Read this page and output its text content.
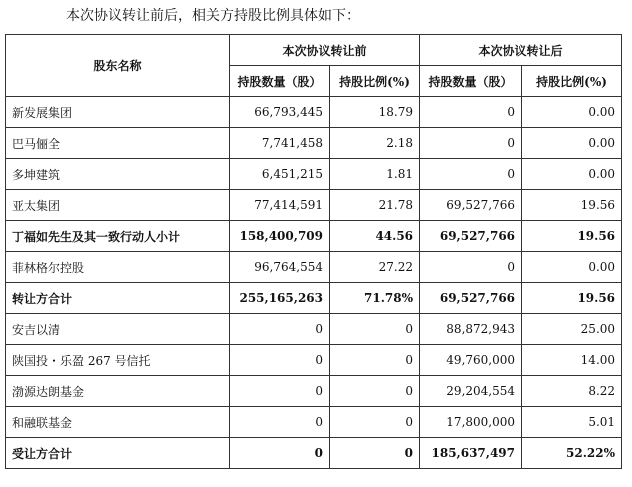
本次协议转让前后，相关方持股比例具体如下：
股东名称	本次协议转让前		本次协议转让后	
	持股数量（股）	持股比例(%)	持股数量（股）	持股比例(%)
新发展集团	66,793,445	18.79	0	0.00
巴马俪全	7,741,458	2.18	0	0.00
多坤建筑	6,451,215	1.81	0	0.00
亚太集团	77,414,591	21.78	69,527,766	19.56
丁福如先生及其一致行动人小计	158,400,709	44.56	69,527,766	19.56
菲林格尔控股	96,764,554	27.22	0	0.00
转让方合计	255,165,263	71.78%	69,527,766	19.56
安吉以清	0	0	88,872,943	25.00
陕国投・乐盈 267 号信托	0	0	49,760,000	14.00
渤源达朗基金	0	0	29,204,554	8.22
和融联基金	0	0	17,800,000	5.01
受让方合计	0	0	185,637,497	52.22%
